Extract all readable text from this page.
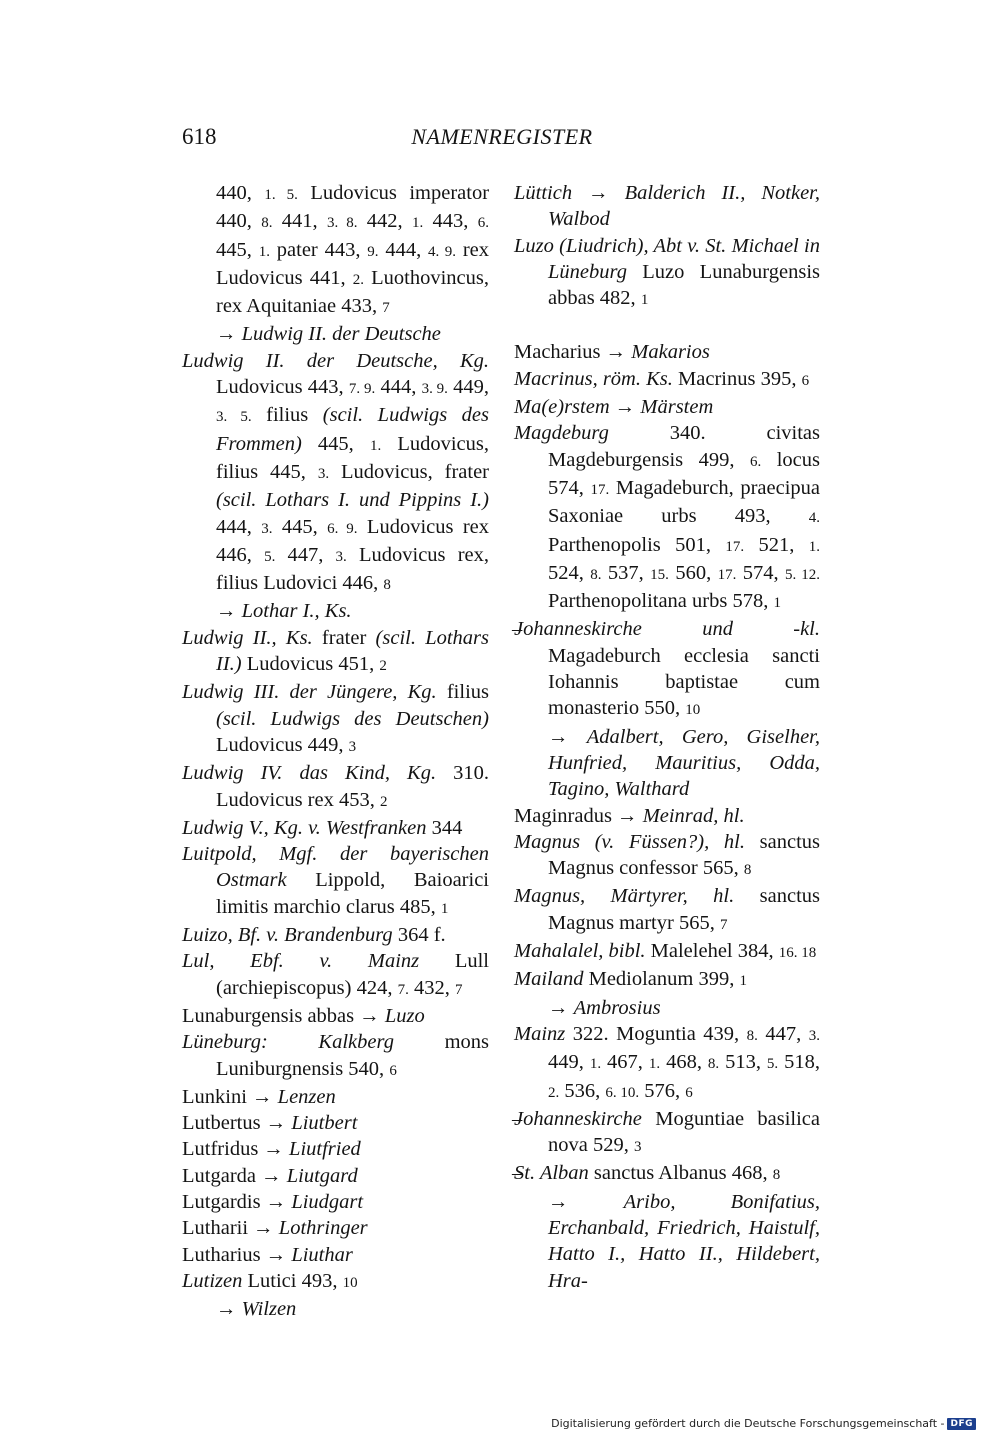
618	NAMENREGISTER

440, 1. 5. Ludovicus imperator 440, 8. 441, 3. 8. 442, 1. 443, 6. 445, 1. pater 443, 9. 444, 4. 9. rex Ludovicus 441, 2. Luothovincus, rex Aquitaniae 433, 7

→ Ludwig II. der Deutsche

Ludwig II. der Deutsche, Kg. Ludovicus 443, 7. 9. 444, 3. 9. 449, 3. 5. filius (scil. Ludwigs des Frommen) 445, 1. Ludovicus, filius 445, 3. Ludovicus, frater (scil. Lothars I. und Pippins I.) 444, 3. 445, 6. 9. Ludovicus rex 446, 5. 447, 3. Ludovicus rex, filius Ludovici 446, 8

→ Lothar I., Ks.

Ludwig II., Ks. frater (scil. Lothars II.) Ludovicus 451, 2

Ludwig III. der Jüngere, Kg. filius (scil. Ludwigs des Deutschen) Ludovicus 449, 3

Ludwig IV. das Kind, Kg. 310. Ludovicus rex 453, 2

Ludwig V., Kg. v. Westfranken 344

Luitpold, Mgf. der bayerischen Ostmark Lippold, Baioarici limitis marchio clarus 485, 1

Luizo, Bf. v. Brandenburg 364 f.

Lul, Ebf. v. Mainz Lull (archiepiscopus) 424, 7. 432, 7

Lunaburgensis abbas → Luzo

Lüneburg: Kalkberg mons Luniburgnensis 540, 6

Lunkini → Lenzen

Lutbertus → Liutbert

Lutfridus → Liutfried

Lutgarda → Liutgard

Lutgardis → Liudgart

Lutharii → Lothringer

Lutharius → Liuthar

Lutizen Lutici 493, 10

→ Wilzen

Lüttich → Balderich II., Notker, Walbod

Luzo (Liudrich), Abt v. St. Michael in Lüneburg Luzo Lunaburgensis abbas 482, 1

Macharius → Makarios

Macrinus, röm. Ks. Macrinus 395, 6

Ma(e)rstem → Märstem

Magdeburg 340. civitas Magdeburgensis 499, 6. locus 574, 17. Magadeburch, praecipua Saxoniae urbs 493, 4. Parthenopolis 501, 17. 521, 1. 524, 8. 537, 15. 560, 17. 574, 5. 12. Parthenopolitana urbs 578, 1

– Johanneskirche und -kl. Magadeburch ecclesia sancti Iohannis baptistae cum monasterio 550, 10

→ Adalbert, Gero, Giselher, Hunfried, Mauritius, Odda, Tagino, Walthard

Maginradus → Meinrad, hl.

Magnus (v. Füssen?), hl. sanctus Magnus confessor 565, 8

Magnus, Märtyrer, hl. sanctus Magnus martyr 565, 7

Mahalalel, bibl. Malelehel 384, 16. 18

Mailand Mediolanum 399, 1

→ Ambrosius

Mainz 322. Moguntia 439, 8. 447, 3. 449, 1. 467, 1. 468, 8. 513, 5. 518, 2. 536, 6. 10. 576, 6

– Johanneskirche Moguntiae basilica nova 529, 3

– St. Alban sanctus Albanus 468, 8

→ Aribo, Bonifatius, Erchanbald, Friedrich, Haistulf, Hatto I., Hatto II., Hildebert, Hra-

Digitalisierung gefördert durch die Deutsche Forschungsgemeinschaft - DFG
